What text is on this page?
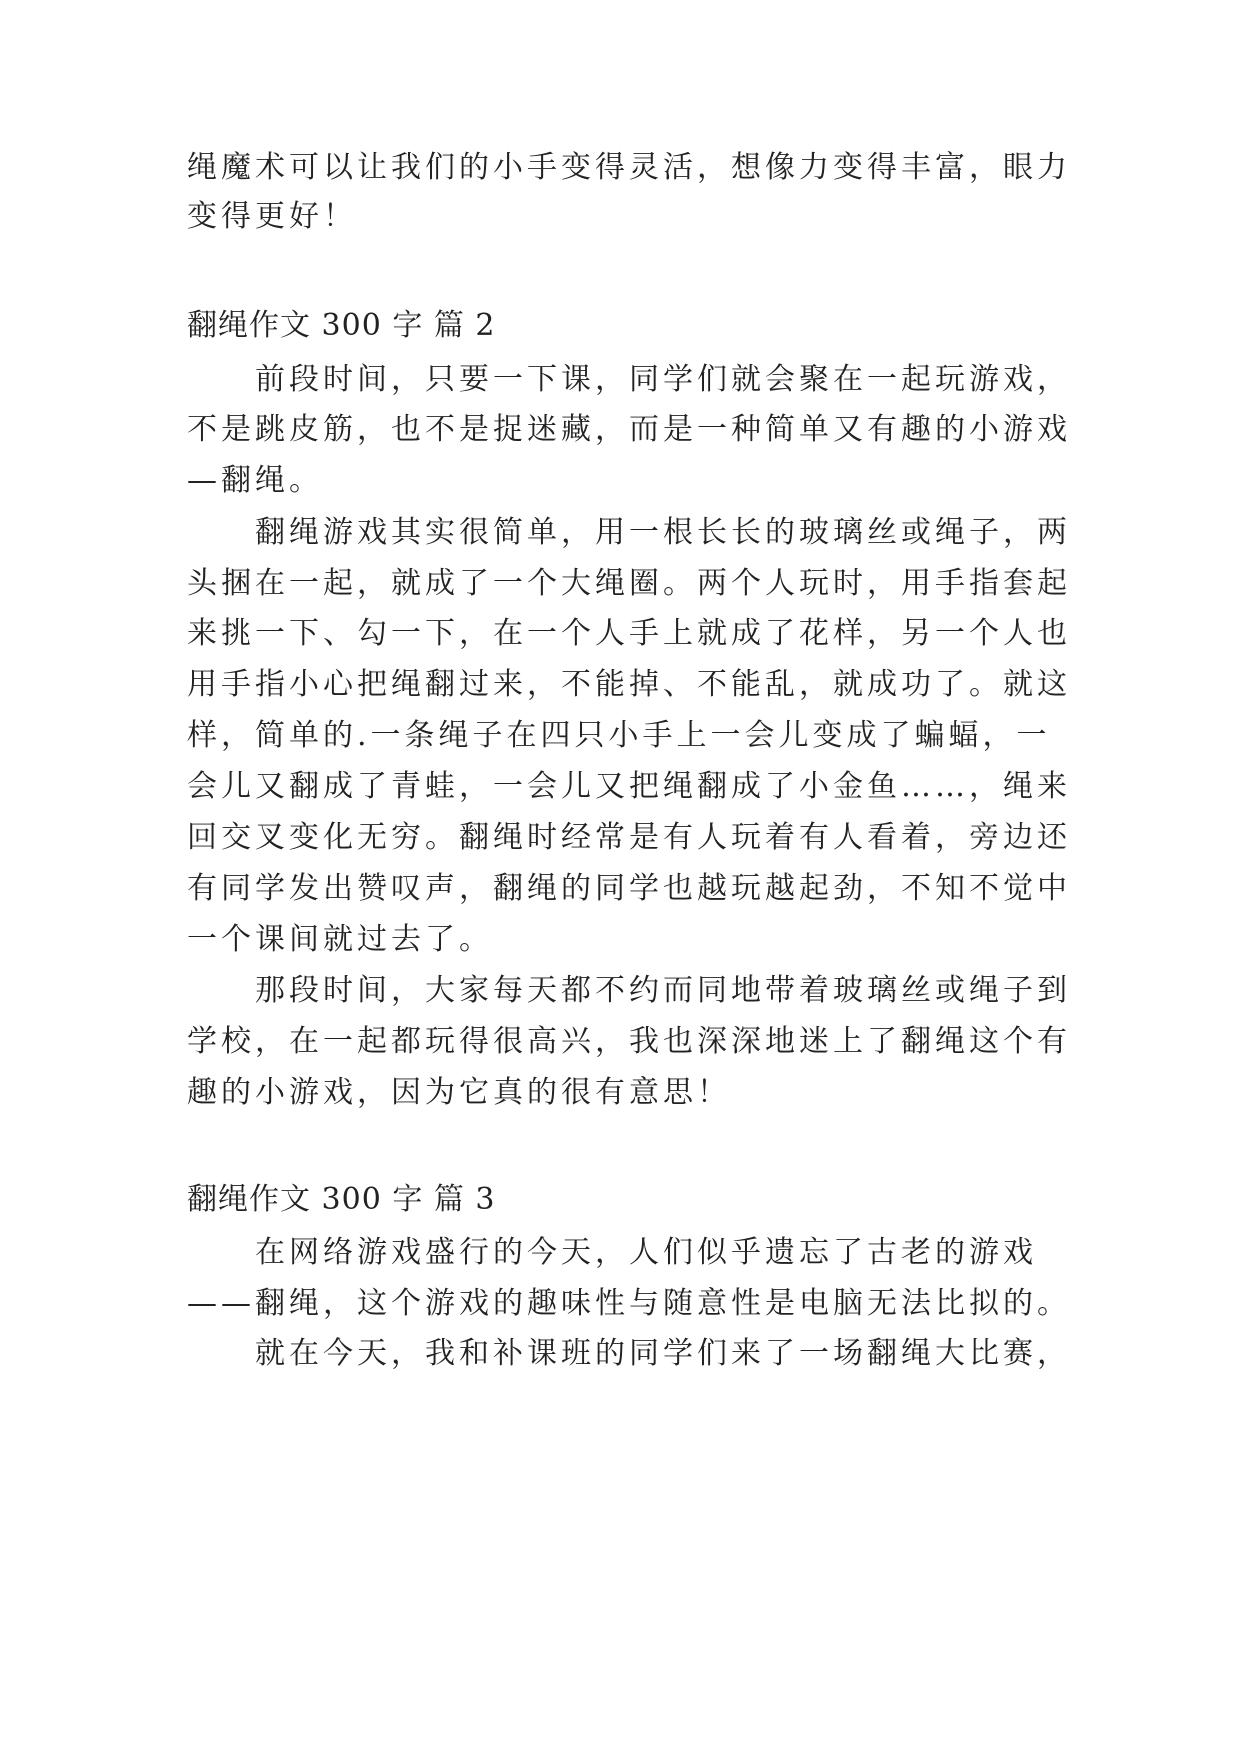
绳魔术可以让我们的小手变得灵活，想像力变得丰富，眼力
变得更好！
翻绳作文 300 字 篇 2
前段时间，只要一下课，同学们就会聚在一起玩游戏，
不是跳皮筋，也不是捉迷藏，而是一种简单又有趣的小游戏
—翻绳。
翻绳游戏其实很简单，用一根长长的玻璃丝或绳子，两
头捆在一起，就成了一个大绳圈。两个人玩时，用手指套起
来挑一下、勾一下，在一个人手上就成了花样，另一个人也
用手指小心把绳翻过来，不能掉、不能乱，就成功了。就这
样，简单的.一条绳子在四只小手上一会儿变成了蝙蝠，一
会儿又翻成了青蛙，一会儿又把绳翻成了小金鱼……，绳来
回交叉变化无穷。翻绳时经常是有人玩着有人看着，旁边还
有同学发出赞叹声，翻绳的同学也越玩越起劲，不知不觉中
一个课间就过去了。
那段时间，大家每天都不约而同地带着玻璃丝或绳子到
学校，在一起都玩得很高兴，我也深深地迷上了翻绳这个有
趣的小游戏，因为它真的很有意思！
翻绳作文 300 字 篇 3
在网络游戏盛行的今天，人们似乎遗忘了古老的游戏
——翻绳，这个游戏的趣味性与随意性是电脑无法比拟的。
就在今天，我和补课班的同学们来了一场翻绳大比赛，
